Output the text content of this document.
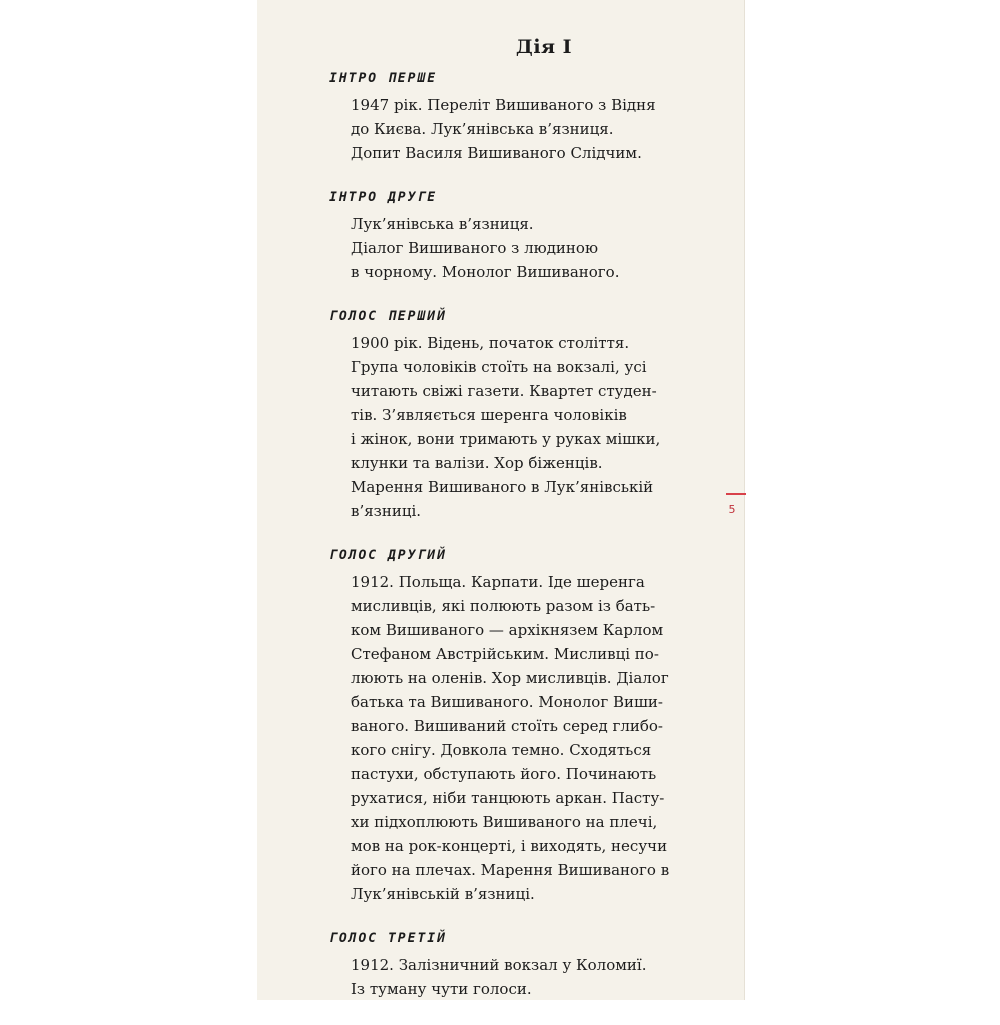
Дія І
ІНТРО ПЕРШЕ
1947 рік. Переліт Вишиваного з Відня
до Києва. Лук’янівська в’язниця.
Допит Василя Вишиваного Слідчим.
ІНТРО ДРУГЕ
Лук’янівська в’язниця.
Діалог Вишиваного з людиною
в чорному. Монолог Вишиваного.
ГОЛОС ПЕРШИЙ
1900 рік. Відень, початок століття.
Група чоловіків стоїть на вокзалі, усі
читають свіжі газети. Квартет студен-
тів. З’являється шеренга чоловіків
і жінок, вони тримають у руках мішки,
клунки та валізи. Хор біженців.
Марення Вишиваного в Лук’янівській
в’язниці.
ГОЛОС ДРУГИЙ
1912. Польща. Карпати. Іде шеренга
мисливців, які полюють разом із бать-
ком Вишиваного — архікнязем Карлом
Стефаном Австрійським. Мисливці по-
люють на оленів. Хор мисливців. Діалог
батька та Вишиваного. Монолог Виши-
ваного. Вишиваний стоїть серед глибо-
кого снігу. Довкола темно. Сходяться
пастухи, обступають його. Починають
рухатися, ніби танцюють аркан. Пасту-
хи підхоплюють Вишиваного на плечі,
мов на рок-концерті, і виходять, несучи
його на плечах. Марення Вишиваного в
Лук’янівській в’язниці.
ГОЛОС ТРЕТІЙ
1912. Залізничний вокзал у Коломиї.
Із туману чути голоси.
5
